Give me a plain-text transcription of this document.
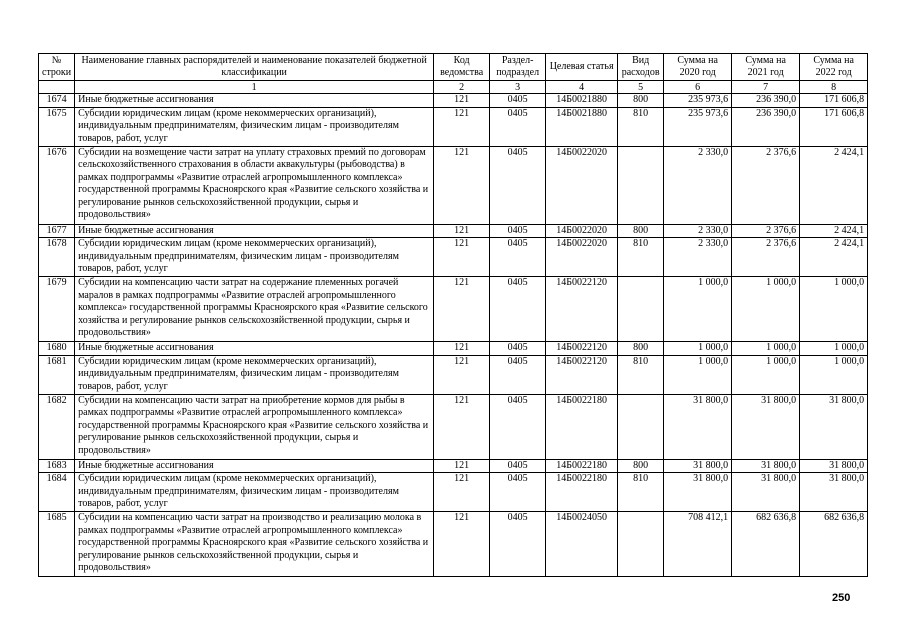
№ строки	Наименование главных распорядителей и наименование показателей бюджетной классификации	Код ведомства	Раздел-подраздел	Целевая статья	Вид расходов	Сумма на 2020 год	Сумма на 2021 год	Сумма на 2022 год
	1	2	3	4	5	6	7	8
1674	Иные бюджетные ассигнования	121	0405	14Б0021880	800	235 973,6	236 390,0	171 606,8
1675	Субсидии юридическим лицам (кроме некоммерческих организаций), индивидуальным предпринимателям, физическим лицам - производителям товаров, работ, услуг	121	0405	14Б0021880	810	235 973,6	236 390,0	171 606,8
1676	Субсидии на возмещение части затрат на уплату страховых премий по договорам сельскохозяйственного страхования в области аквакультуры (рыбоводства) в рамках подпрограммы «Развитие отраслей агропромышленного комплекса» государственной программы Красноярского края «Развитие сельского хозяйства и регулирование рынков сельскохозяйственной продукции, сырья и продовольствия»	121	0405	14Б0022020		2 330,0	2 376,6	2 424,1
1677	Иные бюджетные ассигнования	121	0405	14Б0022020	800	2 330,0	2 376,6	2 424,1
1678	Субсидии юридическим лицам (кроме некоммерческих организаций), индивидуальным предпринимателям, физическим лицам - производителям товаров, работ, услуг	121	0405	14Б0022020	810	2 330,0	2 376,6	2 424,1
1679	Субсидии на компенсацию части затрат на содержание племенных рогачей маралов в рамках подпрограммы «Развитие отраслей агропромышленного комплекса» государственной программы Красноярского края «Развитие сельского хозяйства и регулирование рынков сельскохозяйственной продукции, сырья и продовольствия»	121	0405	14Б0022120		1 000,0	1 000,0	1 000,0
1680	Иные бюджетные ассигнования	121	0405	14Б0022120	800	1 000,0	1 000,0	1 000,0
1681	Субсидии юридическим лицам (кроме некоммерческих организаций), индивидуальным предпринимателям, физическим лицам - производителям товаров, работ, услуг	121	0405	14Б0022120	810	1 000,0	1 000,0	1 000,0
1682	Субсидии на компенсацию части затрат на приобретение кормов для рыбы в рамках подпрограммы «Развитие отраслей агропромышленного комплекса» государственной программы Красноярского края «Развитие сельского хозяйства и регулирование рынков сельскохозяйственной продукции, сырья и продовольствия»	121	0405	14Б0022180		31 800,0	31 800,0	31 800,0
1683	Иные бюджетные ассигнования	121	0405	14Б0022180	800	31 800,0	31 800,0	31 800,0
1684	Субсидии юридическим лицам (кроме некоммерческих организаций), индивидуальным предпринимателям, физическим лицам - производителям товаров, работ, услуг	121	0405	14Б0022180	810	31 800,0	31 800,0	31 800,0
1685	Субсидии на компенсацию части затрат на производство и реализацию молока в рамках подпрограммы «Развитие отраслей агропромышленного комплекса» государственной программы Красноярского края «Развитие сельского хозяйства и регулирование рынков сельскохозяйственной продукции, сырья и продовольствия»	121	0405	14Б0024050		708 412,1	682 636,8	682 636,8
250
